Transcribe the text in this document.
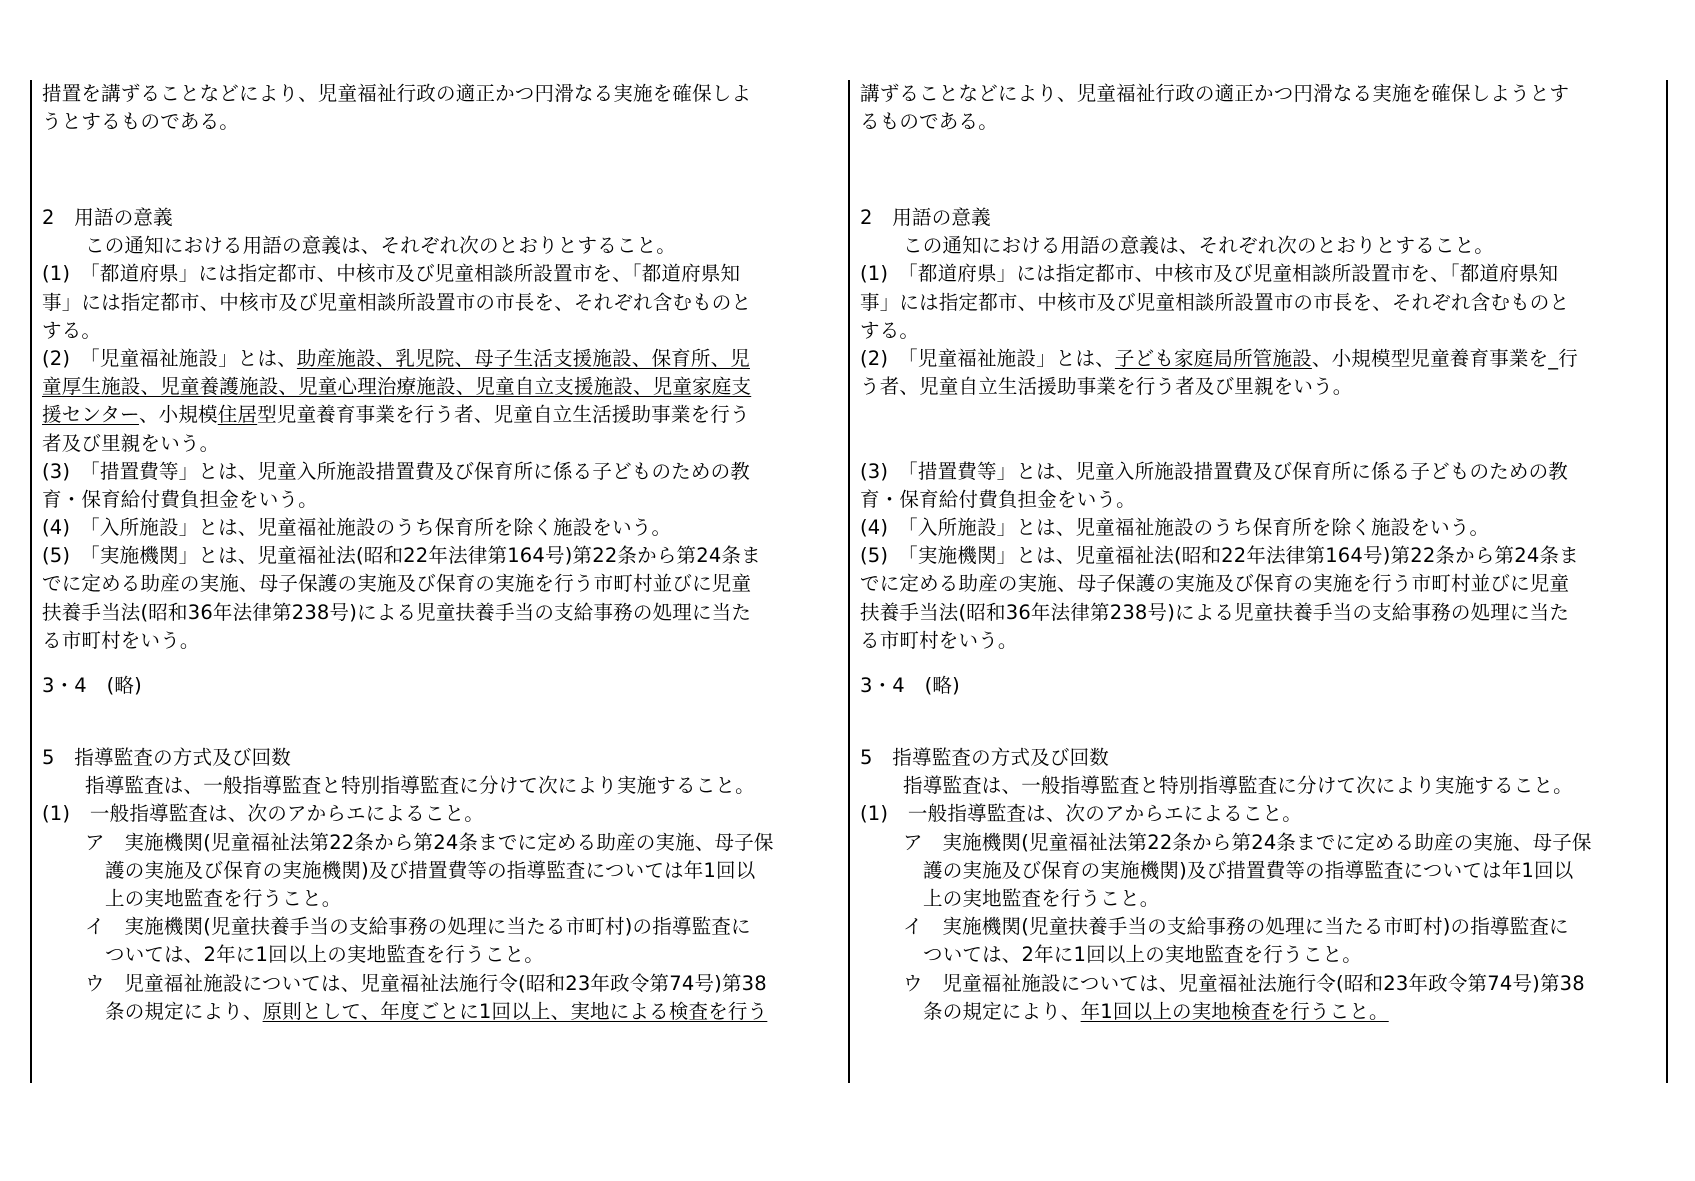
措置を講ずることなどにより、児童福祉行政の適正かつ円滑なる実施を確保しよ
うとするものである。
2　用語の意義
この通知における用語の意義は、それぞれ次のとおりとすること。
(1)　「都道府県」には指定都市、中核市及び児童相談所設置市を、「都道府県知
事」には指定都市、中核市及び児童相談所設置市の市長を、それぞれ含むものと
する。
(2)　「児童福祉施設」とは、助産施設、乳児院、母子生活支援施設、保育所、児
童厚生施設、児童養護施設、児童心理治療施設、児童自立支援施設、児童家庭支
援センター、小規模住居型児童養育事業を行う者、児童自立生活援助事業を行う
者及び里親をいう。
(3)　「措置費等」とは、児童入所施設措置費及び保育所に係る子どものための教
育・保育給付費負担金をいう。
(4)　「入所施設」とは、児童福祉施設のうち保育所を除く施設をいう。
(5)　「実施機関」とは、児童福祉法(昭和22年法律第164号)第22条から第24条ま
でに定める助産の実施、母子保護の実施及び保育の実施を行う市町村並びに児童
扶養手当法(昭和36年法律第238号)による児童扶養手当の支給事務の処理に当た
る市町村をいう。
3・4　(略)
5　指導監査の方式及び回数
指導監査は、一般指導監査と特別指導監査に分けて次により実施すること。
(1)　一般指導監査は、次のアからエによること。
ア　実施機関(児童福祉法第22条から第24条までに定める助産の実施、母子保
護の実施及び保育の実施機関)及び措置費等の指導監査については年1回以
上の実地監査を行うこと。
イ　実施機関(児童扶養手当の支給事務の処理に当たる市町村)の指導監査に
ついては、2年に1回以上の実地監査を行うこと。
ウ　児童福祉施設については、児童福祉法施行令(昭和23年政令第74号)第38
条の規定により、原則として、年度ごとに1回以上、実地による検査を行う
講ずることなどにより、児童福祉行政の適正かつ円滑なる実施を確保しようとす
るものである。
2　用語の意義
この通知における用語の意義は、それぞれ次のとおりとすること。
(1)　「都道府県」には指定都市、中核市及び児童相談所設置市を、「都道府県知
事」には指定都市、中核市及び児童相談所設置市の市長を、それぞれ含むものと
する。
(2)　「児童福祉施設」とは、子ども家庭局所管施設、小規模型児童養育事業を_行
う者、児童自立生活援助事業を行う者及び里親をいう。
(3)　「措置費等」とは、児童入所施設措置費及び保育所に係る子どものための教
育・保育給付費負担金をいう。
(4)　「入所施設」とは、児童福祉施設のうち保育所を除く施設をいう。
(5)　「実施機関」とは、児童福祉法(昭和22年法律第164号)第22条から第24条ま
でに定める助産の実施、母子保護の実施及び保育の実施を行う市町村並びに児童
扶養手当法(昭和36年法律第238号)による児童扶養手当の支給事務の処理に当た
る市町村をいう。
3・4　(略)
5　指導監査の方式及び回数
指導監査は、一般指導監査と特別指導監査に分けて次により実施すること。
(1)　一般指導監査は、次のアからエによること。
ア　実施機関(児童福祉法第22条から第24条までに定める助産の実施、母子保
護の実施及び保育の実施機関)及び措置費等の指導監査については年1回以
上の実地監査を行うこと。
イ　実施機関(児童扶養手当の支給事務の処理に当たる市町村)の指導監査に
ついては、2年に1回以上の実地監査を行うこと。
ウ　児童福祉施設については、児童福祉法施行令(昭和23年政令第74号)第38
条の規定により、年1回以上の実地検査を行うこと。
